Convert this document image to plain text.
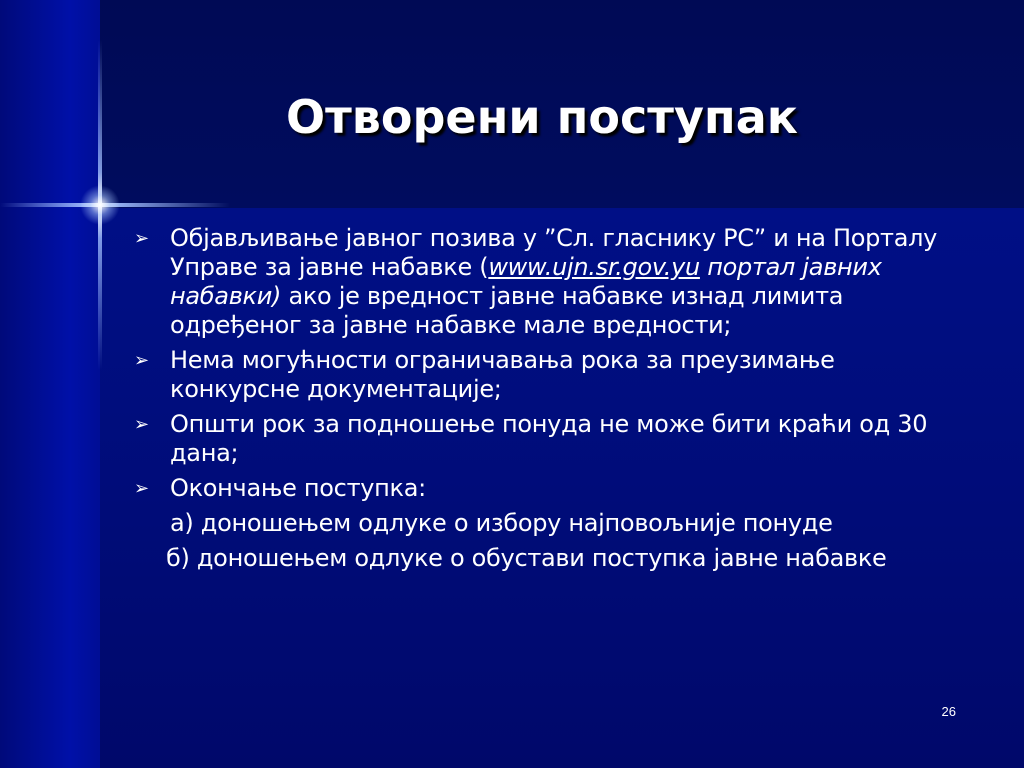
Отворени поступак
➢ Објављивање јавног позива у ”Сл. гласнику РС” и на Порталу Управе за јавне набавке (www.ujn.sr.gov.yu портал јавних набавки) ако је вредност јавне набавке изнад лимита одређеног за јавне набавке мале вредности;
➢ Нема могућности ограничавања рока за преузимање конкурсне документације;
➢ Општи рок за подношење понуда не може бити краћи од 30 дана;
➢ Окончање поступка:
а) доношењем одлуке о избору најповољније понуде
б) доношењем одлуке о обустави поступка јавне набавке
26
